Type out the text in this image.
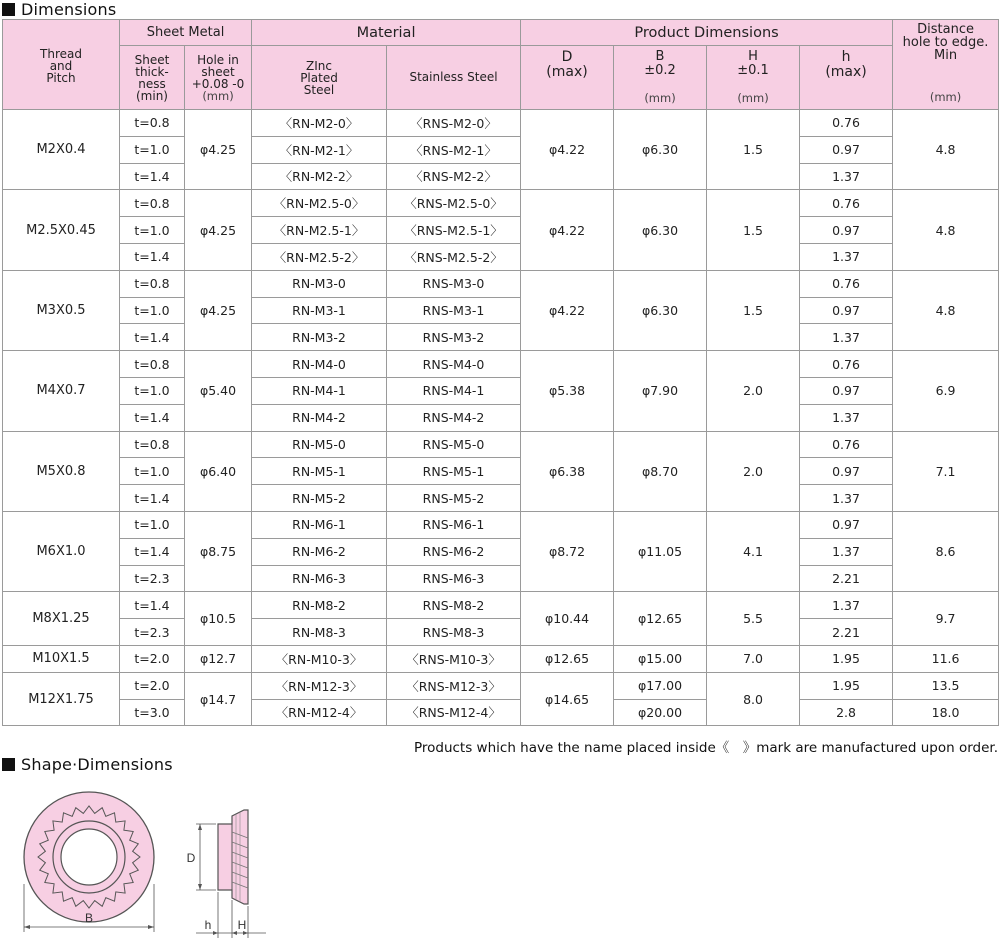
Dimensions
Thread
and
Pitch	Sheet Metal		Material		Product Dimensions				Distance
hole to edge.
Min
(mm)

	Sheet
thick-
ness
(min)	Hole in
sheet
+0.08 -0
(mm)	ZInc
Plated
Steel	Stainless Steel	D
(max)	B
±0.2
(mm)	H
±0.1
(mm)	h
(max)	

M2X0.4	t=0.8	φ4.25	〈RN-M2-0〉	〈RNS-M2-0〉	φ4.22	φ6.30	1.5	0.76	4.8
	t=1.0		〈RN-M2-1〉	〈RNS-M2-1〉				0.97	
	t=1.4		〈RN-M2-2〉	〈RNS-M2-2〉				1.37	
M2.5X0.45	t=0.8	φ4.25	〈RN-M2.5-0〉	〈RNS-M2.5-0〉	φ4.22	φ6.30	1.5	0.76	4.8
	t=1.0		〈RN-M2.5-1〉	〈RNS-M2.5-1〉				0.97	
	t=1.4		〈RN-M2.5-2〉	〈RNS-M2.5-2〉				1.37	
M3X0.5	t=0.8	φ4.25	RN-M3-0	RNS-M3-0	φ4.22	φ6.30	1.5	0.76	4.8
	t=1.0		RN-M3-1	RNS-M3-1				0.97	
	t=1.4		RN-M3-2	RNS-M3-2				1.37	
M4X0.7	t=0.8	φ5.40	RN-M4-0	RNS-M4-0	φ5.38	φ7.90	2.0	0.76	6.9
	t=1.0		RN-M4-1	RNS-M4-1				0.97	
	t=1.4		RN-M4-2	RNS-M4-2				1.37	
M5X0.8	t=0.8	φ6.40	RN-M5-0	RNS-M5-0	φ6.38	φ8.70	2.0	0.76	7.1
	t=1.0		RN-M5-1	RNS-M5-1				0.97	
	t=1.4		RN-M5-2	RNS-M5-2				1.37	
M6X1.0	t=1.0	φ8.75	RN-M6-1	RNS-M6-1	φ8.72	φ11.05	4.1	0.97	8.6
	t=1.4		RN-M6-2	RNS-M6-2				1.37	
	t=2.3		RN-M6-3	RNS-M6-3				2.21	
M8X1.25	t=1.4	φ10.5	RN-M8-2	RNS-M8-2	φ10.44	φ12.65	5.5	1.37	9.7
	t=2.3		RN-M8-3	RNS-M8-3				2.21	
M10X1.5	t=2.0	φ12.7	〈RN-M10-3〉	〈RNS-M10-3〉	φ12.65	φ15.00	7.0	1.95	11.6
M12X1.75	t=2.0	φ14.7	〈RN-M12-3〉	〈RNS-M12-3〉	φ14.65	φ17.00	8.0	1.95	13.5
	t=3.0		〈RN-M12-4〉	〈RNS-M12-4〉		φ20.00		2.8	18.0
Products which have the name placed inside《　》mark are manufactured upon order.
Shape·Dimensions
B
D
h H
